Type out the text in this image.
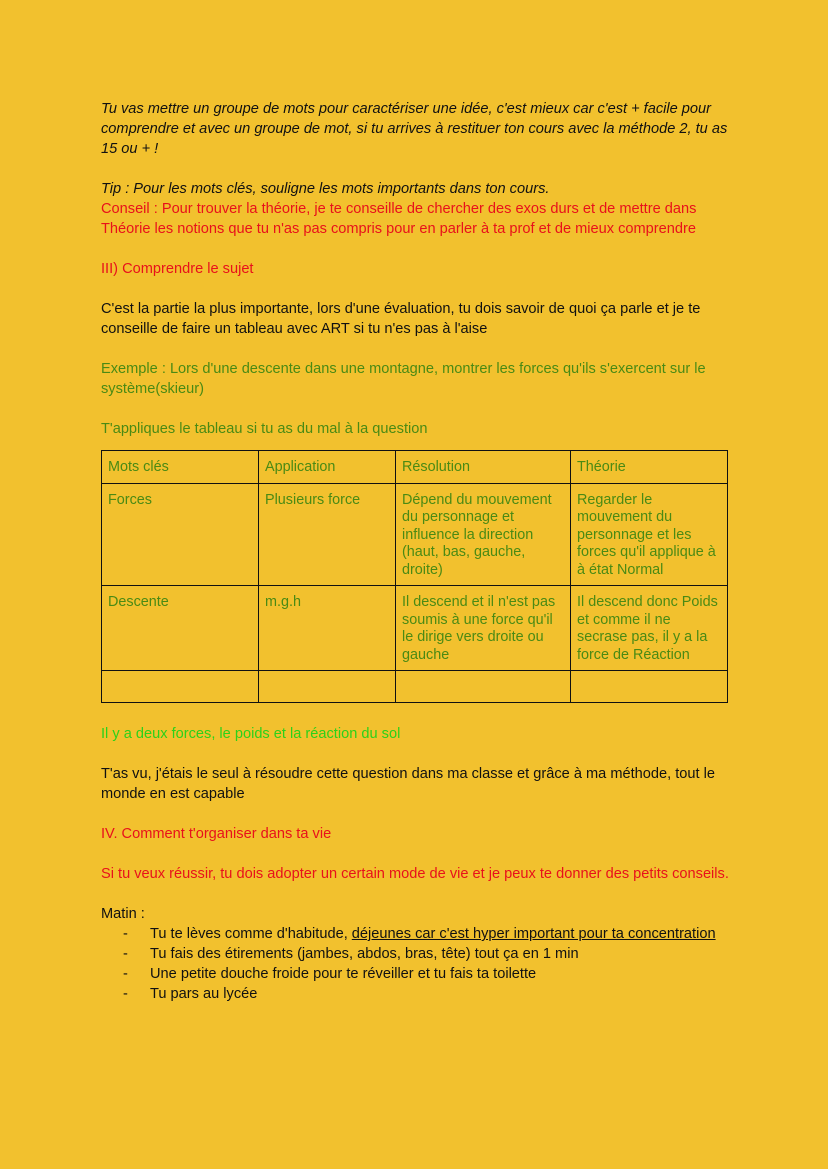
Tu vas mettre un groupe de mots pour caractériser une idée, c'est mieux car c'est + facile pour comprendre et avec un groupe de mot, si tu arrives à restituer ton cours avec la méthode 2, tu as 15 ou + !

Tip : Pour les mots clés, souligne les mots importants dans ton cours.

Conseil : Pour trouver la théorie, je te conseille de chercher des exos durs et de mettre dans Théorie les notions que tu n'as pas compris pour en parler à ta prof et de mieux comprendre

III) Comprendre le sujet

C'est la partie la plus importante, lors d'une évaluation, tu dois savoir de quoi ça parle et je te conseille de faire un tableau avec ART si tu n'es pas à l'aise

Exemple : Lors d'une descente dans une montagne, montrer les forces qu'ils s'exercent sur le système(skieur)

T'appliques le tableau si tu as du mal à la question

Mots clés	Application	Résolution	Théorie
Forces	Plusieurs force	Dépend du mouvement du personnage et influence la direction (haut, bas, gauche, droite)	Regarder le mouvement du personnage et les forces qu'il applique à à état Normal
Descente	m.g.h	Il descend et il n'est pas soumis à une force qu'il le dirige vers droite ou gauche	Il descend donc Poids et comme il ne secrase pas, il y a la force de Réaction

Il y a deux forces, le poids et la réaction du sol

T'as vu, j'étais le seul à résoudre cette question dans ma classe et grâce à ma méthode, tout le monde en est capable

IV. Comment t'organiser dans ta vie

Si tu veux réussir, tu dois adopter un certain mode de vie et je peux te donner des petits conseils.

Matin :

- Tu te lèves comme d'habitude, déjeunes car c'est hyper important pour ta concentration
- Tu fais des étirements (jambes, abdos, bras, tête) tout ça en 1 min
- Une petite douche froide pour te réveiller et tu fais ta toilette
- Tu pars au lycée
